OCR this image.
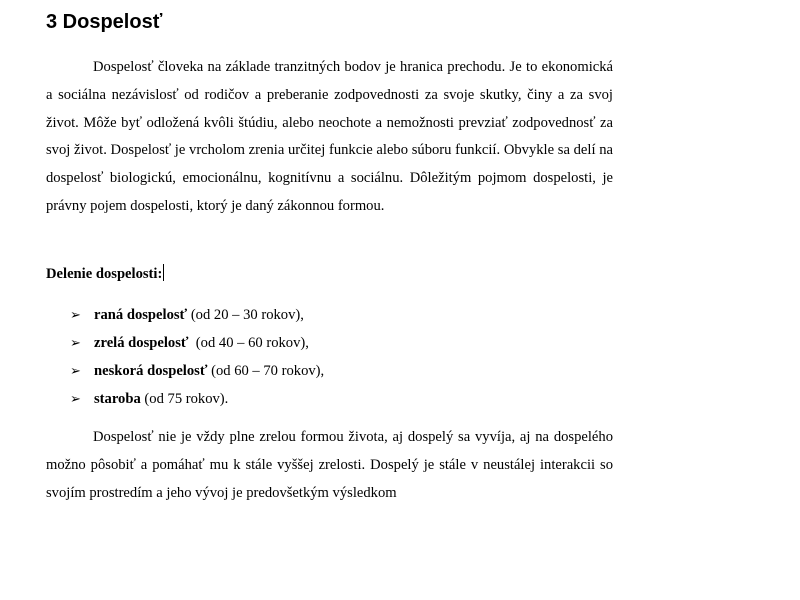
3 Dospelosť

Dospelosť človeka na základe tranzitných bodov je hranica prechodu. Je to ekonomická a sociálna nezávislosť od rodičov a preberanie zodpovednosti za svoje skutky, činy a za svoj život. Môže byť odložená kvôli štúdiu, alebo neochote a nemožnosti prevziať zodpovednosť za svoj život. Dospelosť je vrcholom zrenia určitej funkcie alebo súboru funkcií. Obvykle sa delí na dospelosť biologickú, emocionálnu, kognitívnu a sociálnu. Dôležitým pojmom dospelosti, je právny pojem dospelosti, ktorý je daný zákonnou formou.

Delenie dospelosti:

➢ raná dospelosť (od 20 – 30 rokov),
➢ zrelá dospelosť  (od 40 – 60 rokov),
➢ neskorá dospelosť (od 60 – 70 rokov),
➢ staroba (od 75 rokov).

Dospelosť nie je vždy plne zrelou formou života, aj dospelý sa vyvíja, aj na dospelého možno pôsobiť a pomáhať mu k stále vyššej zrelosti. Dospelý je stále v neustálej interakcii so svojím prostredím a jeho vývoj je predovšetkým výsledkom
